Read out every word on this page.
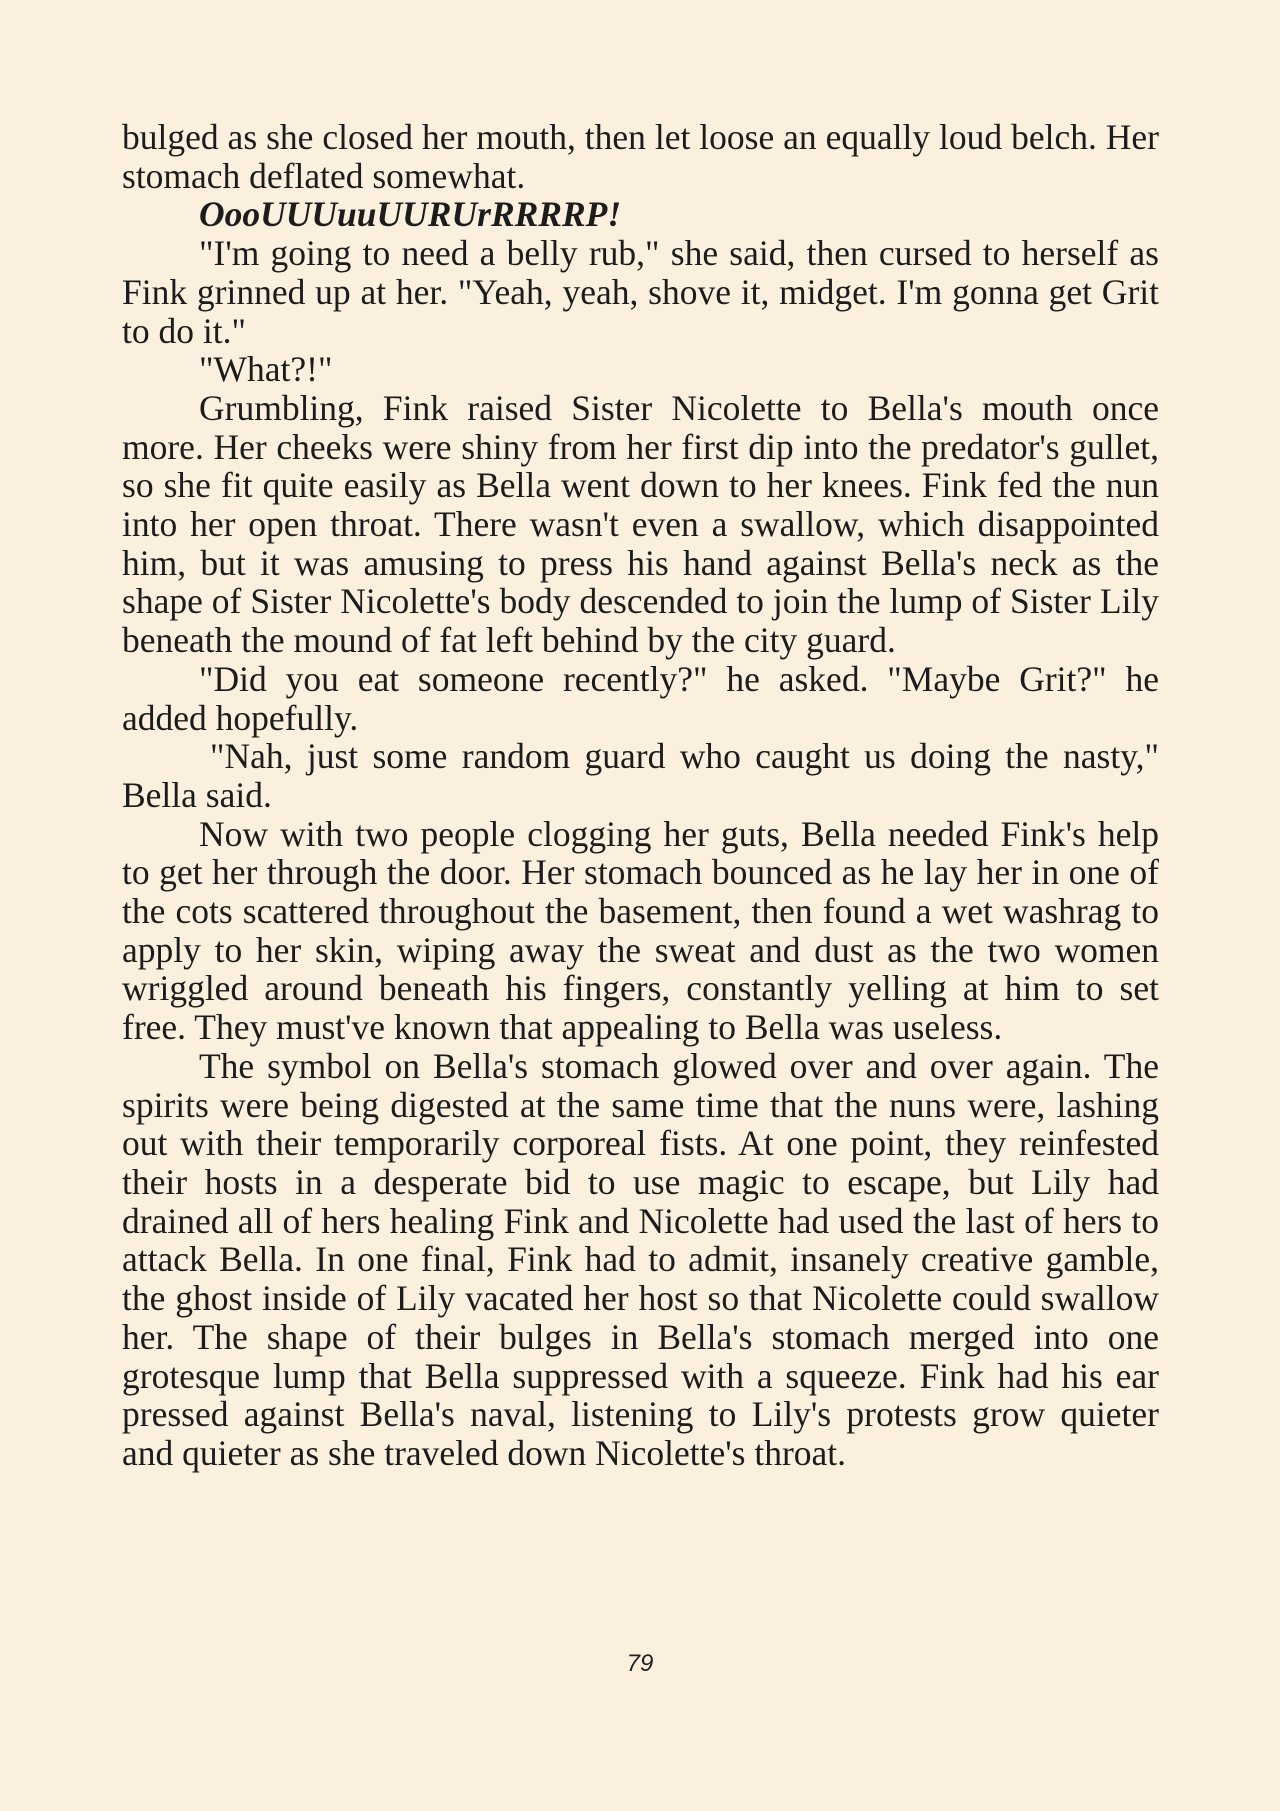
bulged as she closed her mouth, then let loose an equally loud belch. Her stomach deflated somewhat.

OooUUUuuUURUrRRRRP!

"I'm going to need a belly rub," she said, then cursed to herself as Fink grinned up at her. "Yeah, yeah, shove it, midget. I'm gonna get Grit to do it."

"What?!"

Grumbling, Fink raised Sister Nicolette to Bella's mouth once more. Her cheeks were shiny from her first dip into the predator's gullet, so she fit quite easily as Bella went down to her knees. Fink fed the nun into her open throat. There wasn't even a swallow, which disappointed him, but it was amusing to press his hand against Bella's neck as the shape of Sister Nicolette's body descended to join the lump of Sister Lily beneath the mound of fat left behind by the city guard.

"Did you eat someone recently?" he asked. "Maybe Grit?" he added hopefully.

"Nah, just some random guard who caught us doing the nasty," Bella said.

Now with two people clogging her guts, Bella needed Fink's help to get her through the door. Her stomach bounced as he lay her in one of the cots scattered throughout the basement, then found a wet washrag to apply to her skin, wiping away the sweat and dust as the two women wriggled around beneath his fingers, constantly yelling at him to set free. They must've known that appealing to Bella was useless.

The symbol on Bella's stomach glowed over and over again. The spirits were being digested at the same time that the nuns were, lashing out with their temporarily corporeal fists. At one point, they reinfested their hosts in a desperate bid to use magic to escape, but Lily had drained all of hers healing Fink and Nicolette had used the last of hers to attack Bella. In one final, Fink had to admit, insanely creative gamble, the ghost inside of Lily vacated her host so that Nicolette could swallow her. The shape of their bulges in Bella's stomach merged into one grotesque lump that Bella suppressed with a squeeze. Fink had his ear pressed against Bella's naval, listening to Lily's protests grow quieter and quieter as she traveled down Nicolette's throat.

79
